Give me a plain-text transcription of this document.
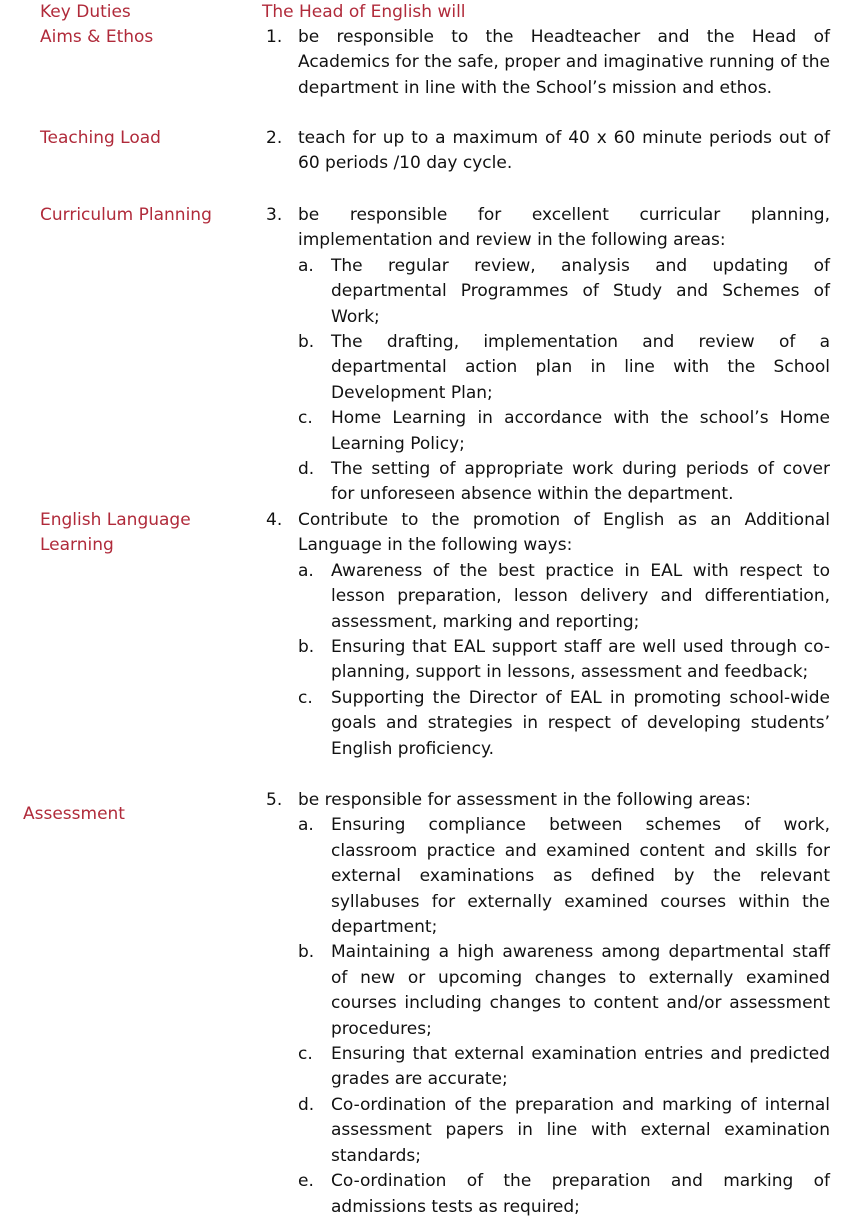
Key Duties
Aims & Ethos
The Head of English will
Teaching Load
Curriculum Planning
English Language
Learning
Assessment
1. be responsible to the Headteacher and the Head of Academics for the safe, proper and imaginative running of the department in line with the School’s mission and ethos.
2. teach for up to a maximum of 40 x 60 minute periods out of 60 periods /10 day cycle.
3. be responsible for excellent curricular planning, implementation and review in the following areas:
a. The regular review, analysis and updating of departmental Programmes of Study and Schemes of Work;
b. The drafting, implementation and review of a departmental action plan in line with the School Development Plan;
c. Home Learning in accordance with the school’s Home Learning Policy;
d. The setting of appropriate work during periods of cover for unforeseen absence within the department.
4. Contribute to the promotion of English as an Additional Language in the following ways:
a. Awareness of the best practice in EAL with respect to lesson preparation, lesson delivery and differentiation, assessment, marking and reporting;
b. Ensuring that EAL support staff are well used through co-planning, support in lessons, assessment and feedback;
c. Supporting the Director of EAL in promoting school-wide goals and strategies in respect of developing students’ English proficiency.
5. be responsible for assessment in the following areas:
a. Ensuring compliance between schemes of work, classroom practice and examined content and skills for external examinations as defined by the relevant syllabuses for externally examined courses within the department;
b. Maintaining a high awareness among departmental staff of new or upcoming changes to externally examined courses including changes to content and/or assessment procedures;
c. Ensuring that external examination entries and predicted grades are accurate;
d. Co-ordination of the preparation and marking of internal assessment papers in line with external examination standards;
e. Co-ordination of the preparation and marking of admissions tests as required;
